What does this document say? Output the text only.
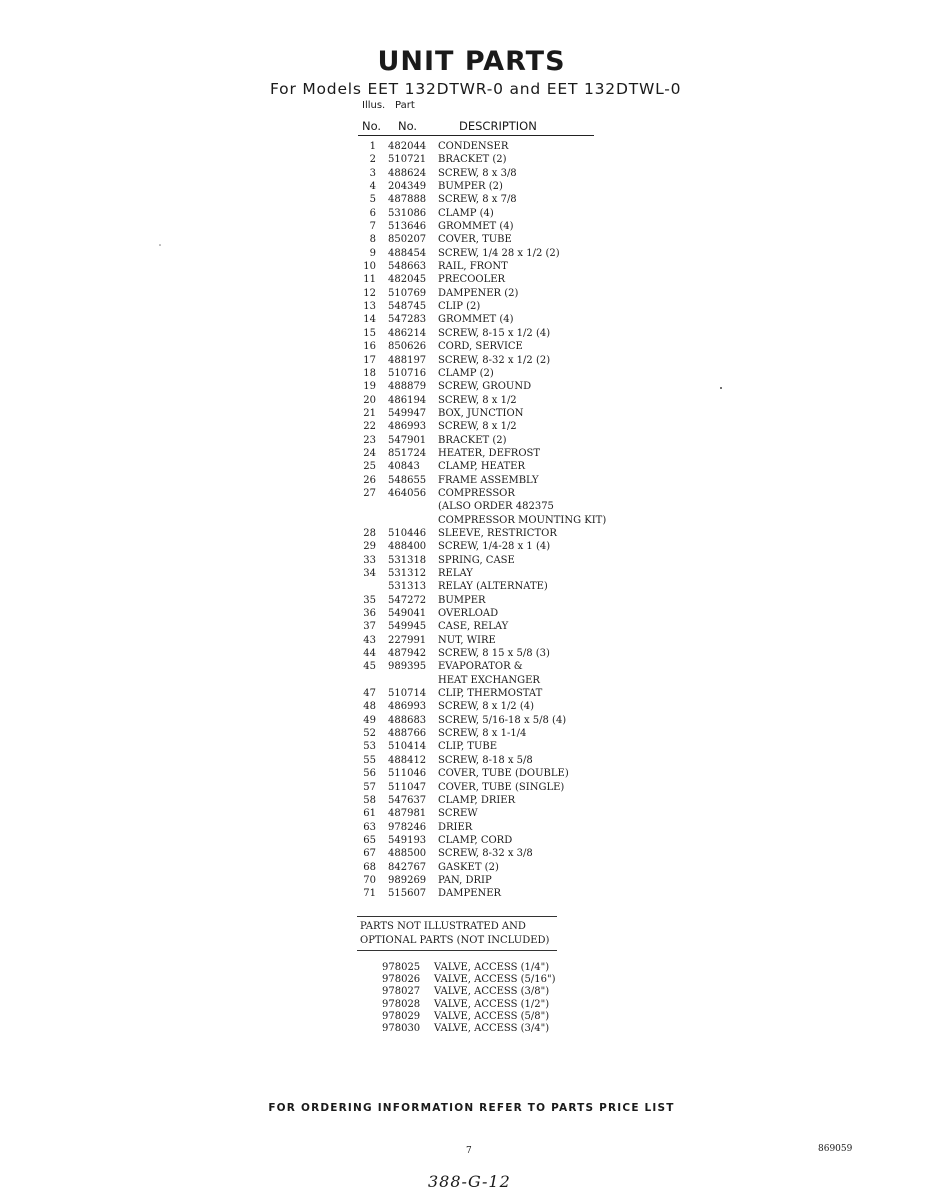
UNIT PARTS
For Models EET 132DTWR-0 and EET 132DTWL-0
Illus. Part
No. No.	DESCRIPTION
1 482044 CONDENSER
2 510721 BRACKET (2)
3 488624 SCREW, 8 x 3/8
4 204349 BUMPER (2)
5 487888 SCREW, 8 x 7/8
6 531086 CLAMP (4)
7 513646 GROMMET (4)
8 850207 COVER, TUBE
9 488454 SCREW, 1/4 28 x 1/2 (2)
10 548663 RAIL, FRONT
11 482045 PRECOOLER
12 510769 DAMPENER (2)
13 548745 CLIP (2)
14 547283 GROMMET (4)
15 486214 SCREW, 8-15 x 1/2 (4)
16 850626 CORD, SERVICE
17 488197 SCREW, 8-32 x 1/2 (2)
18 510716 CLAMP (2)
19 488879 SCREW, GROUND
20 486194 SCREW, 8 x 1/2
21 549947 BOX, JUNCTION
22 486993 SCREW, 8 x 1/2
23 547901 BRACKET (2)
24 851724 HEATER, DEFROST
25 40843 CLAMP, HEATER
26 548655 FRAME ASSEMBLY
27 464056 COMPRESSOR
(ALSO ORDER 482375
COMPRESSOR MOUNTING KIT)
28 510446 SLEEVE, RESTRICTOR
29 488400 SCREW, 1/4-28 x 1 (4)
33 531318 SPRING, CASE
34 531312 RELAY
531313 RELAY (ALTERNATE)
35 547272 BUMPER
36 549041 OVERLOAD
37 549945 CASE, RELAY
43 227991 NUT, WIRE
44 487942 SCREW, 8 15 x 5/8 (3)
45 989395 EVAPORATOR &
HEAT EXCHANGER
47 510714 CLIP, THERMOSTAT
48 486993 SCREW, 8 x 1/2 (4)
49 488683 SCREW, 5/16-18 x 5/8 (4)
52 488766 SCREW, 8 x 1-1/4
53 510414 CLIP, TUBE
55 488412 SCREW, 8-18 x 5/8
56 511046 COVER, TUBE (DOUBLE)
57 511047 COVER, TUBE (SINGLE)
58 547637 CLAMP, DRIER
61 487981 SCREW
63 978246 DRIER
65 549193 CLAMP, CORD
67 488500 SCREW, 8-32 x 3/8
68 842767 GASKET (2)
70 989269 PAN, DRIP
71 515607 DAMPENER
PARTS NOT ILLUSTRATED AND
OPTIONAL PARTS (NOT INCLUDED)
978025 VALVE, ACCESS (1/4")
978026 VALVE, ACCESS (5/16")
978027 VALVE, ACCESS (3/8")
978028 VALVE, ACCESS (1/2")
978029 VALVE, ACCESS (5/8")
978030 VALVE, ACCESS (3/4")
FOR ORDERING INFORMATION REFER TO PARTS PRICE LIST
7	869059
388-G-12
